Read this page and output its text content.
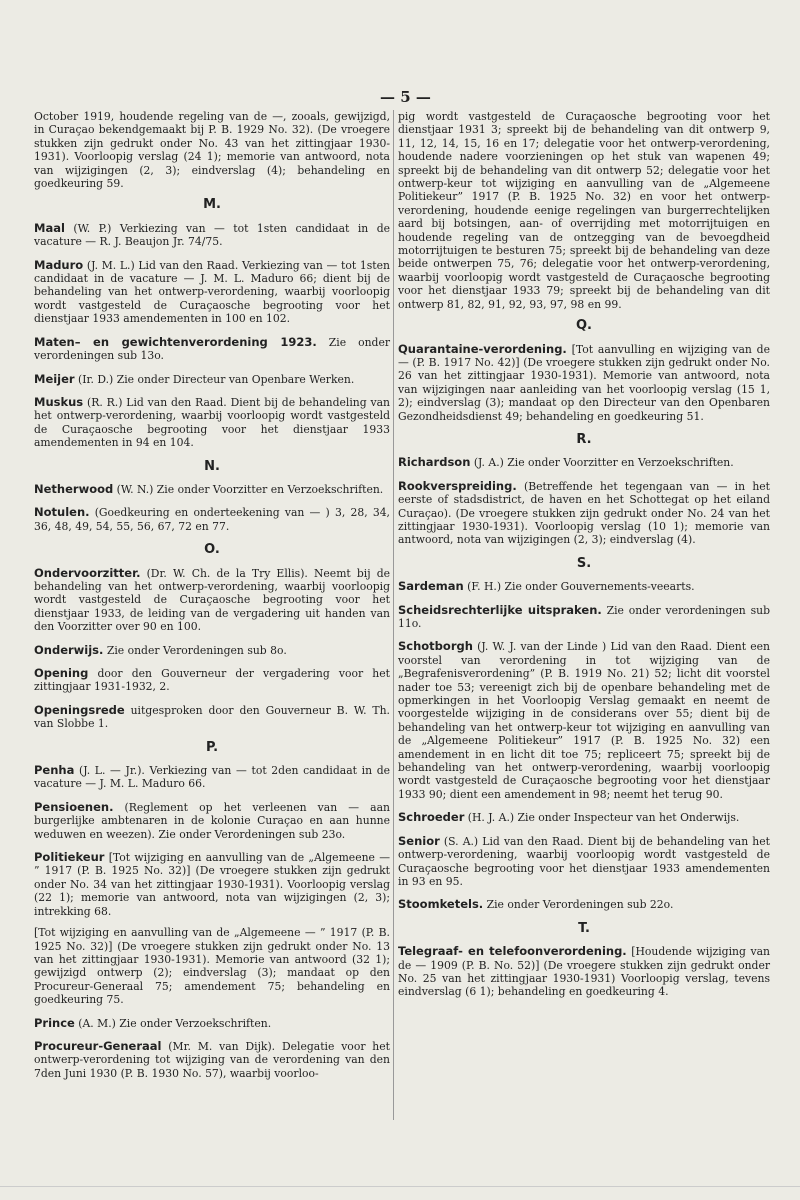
— 5 —

October 1919, houdende regeling van de —, zooals, gewijzigd, in Curaçao bekendgemaakt bij P. B. 1929 No. 32). (De vroegere stukken zijn gedrukt onder No. 43 van het zittingjaar 1930-1931). Voorloopig verslag (24 1); memorie van antwoord, nota van wijzigingen (2, 3); eindverslag (4); behandeling en goedkeuring 59.

M.

Maal (W. P.) Verkiezing van — tot 1sten candidaat in de vacature — R. J. Beaujon Jr. 74/75.

Maduro (J. M. L.) Lid van den Raad. Verkiezing van — tot 1sten candidaat in de vacature — J. M. L. Maduro 66; dient bij de behandeling van het ontwerp-verordening, waarbij voorloopig wordt vastgesteld de Curaçaosche begrooting voor het dienstjaar 1933 amendementen in 100 en 102.

Maten– en gewichtenverordening 1923. Zie onder verordeningen sub 13o.

Meijer (Ir. D.) Zie onder Directeur van Openbare Werken.

Muskus (R. R.) Lid van den Raad. Dient bij de behandeling van het ontwerp-verordening, waarbij voorloopig wordt vastgesteld de Curaçaosche begrooting voor het dienstjaar 1933 amendementen in 94 en 104.

N.

Netherwood (W. N.) Zie onder Voorzitter en Verzoekschriften.

Notulen. (Goedkeuring en onderteekening van — ) 3, 28, 34, 36, 48, 49, 54, 55, 56, 67, 72 en 77.

O.

Ondervoorzitter. (Dr. W. Ch. de la Try Ellis). Neemt bij de behandeling van het ontwerp-verordening, waarbij voorloopig wordt vastgesteld de Curaçaosche begrooting voor het dienstjaar 1933, de leiding van de vergadering uit handen van den Voorzitter over 90 en 100.

Onderwijs. Zie onder Verordeningen sub 8o.

Opening door den Gouverneur der vergadering voor het zittingjaar 1931-1932, 2.

Openingsrede uitgesproken door den Gouverneur B. W. Th. van Slobbe 1.

P.

Penha (J. L. — Jr.). Verkiezing van — tot 2den candidaat in de vacature — J. M. L. Maduro 66.

Pensioenen. (Reglement op het verleenen van — aan burgerlijke ambtenaren in de kolonie Curaçao en aan hunne weduwen en weezen). Zie onder Verordeningen sub 23o.

Politiekeur [Tot wijziging en aanvulling van de „Algemeene — ” 1917 (P. B. 1925 No. 32)] (De vroegere stukken zijn gedrukt onder No. 34 van het zittingjaar 1930-1931). Voorloopig verslag (22 1); memorie van antwoord, nota van wijzigingen (2, 3); intrekking 68.

[Tot wijziging en aanvulling van de „Algemeene — ” 1917 (P. B. 1925 No. 32)] (De vroegere stukken zijn gedrukt onder No. 13 van het zittingjaar 1930-1931). Memorie van antwoord (32 1); gewijzigd ontwerp (2); eindverslag (3); mandaat op den Procureur-Generaal 75; amendement 75; behandeling en goedkeuring 75.

Prince (A. M.) Zie onder Verzoekschriften.

Procureur-Generaal (Mr. M. van Dijk). Delegatie voor het ontwerp-verordening tot wijziging van de verordening van den 7den Juni 1930 (P. B. 1930 No. 57), waarbij voorloo-

pig wordt vastgesteld de Curaçaosche begrooting voor het dienstjaar 1931 3; spreekt bij de behandeling van dit ontwerp 9, 11, 12, 14, 15, 16 en 17; delegatie voor het ontwerp-verordening, houdende nadere voorzieningen op het stuk van wapenen 49; spreekt bij de behandeling van dit ontwerp 52; delegatie voor het ontwerp-keur tot wijziging en aanvulling van de „Algemeene Politiekeur” 1917 (P. B. 1925 No. 32) en voor het ontwerp-verordening, houdende eenige regelingen van burgerrechtelijken aard bij botsingen, aan- of overrijding met motorrijtuigen en houdende regeling van de ontzegging van de bevoegdheid motorrijtuigen te besturen 75; spreekt bij de behandeling van deze beide ontwerpen 75, 76; delegatie voor het ontwerp-verordening, waarbij voorloopig wordt vastgesteld de Curaçaosche begrooting voor het dienstjaar 1933 79; spreekt bij de behandeling van dit ontwerp 81, 82, 91, 92, 93, 97, 98 en 99.

Q.

Quarantaine-verordening. [Tot aanvulling en wijziging van de — (P. B. 1917 No. 42)] (De vroegere stukken zijn gedrukt onder No. 26 van het zittingjaar 1930-1931). Memorie van antwoord, nota van wijzigingen naar aanleiding van het voorloopig verslag (15 1, 2); eindverslag (3); mandaat op den Directeur van den Openbaren Gezondheidsdienst 49; behandeling en goedkeuring 51.

R.

Richardson (J. A.) Zie onder Voorzitter en Verzoekschriften.

Rookverspreiding. (Betreffende het tegengaan van — in het eerste of stadsdistrict, de haven en het Schottegat op het eiland Curaçao). (De vroegere stukken zijn gedrukt onder No. 24 van het zittingjaar 1930-1931). Voorloopig verslag (10 1); memorie van antwoord, nota van wijzigingen (2, 3); eindverslag (4).

S.

Sardeman (F. H.) Zie onder Gouvernements-veearts.

Scheidsrechterlijke uitspraken. Zie onder verordeningen sub 11o.

Schotborgh (J. W. J. van der Linde ) Lid van den Raad. Dient een voorstel van verordening in tot wijziging van de „Begrafenisverordening” (P. B. 1919 No. 21) 52; licht dit voorstel nader toe 53; vereenigt zich bij de openbare behandeling met de opmerkingen in het Voorloopig Verslag gemaakt en neemt de voorgestelde wijziging in de considerans over 55; dient bij de behandeling van het ontwerp-keur tot wijziging en aanvulling van de „Algemeene Politiekeur” 1917 (P. B. 1925 No. 32) een amendement in en licht dit toe 75; repliceert 75; spreekt bij de behandeling van het ontwerp-verordening, waarbij voorloopig wordt vastgesteld de Curaçaosche begrooting voor het dienstjaar 1933 90; dient een amendement in 98; neemt het terug 90.

Schroeder (H. J. A.) Zie onder Inspecteur van het Onderwijs.

Senior (S. A.) Lid van den Raad. Dient bij de behandeling van het ontwerp-verordening, waarbij voorloopig wordt vastgesteld de Curaçaosche begrooting voor het dienstjaar 1933 amendementen in 93 en 95.

Stoomketels. Zie onder Verordeningen sub 22o.

T.

Telegraaf- en telefoonverordening. [Houdende wijziging van de — 1909 (P. B. No. 52)] (De vroegere stukken zijn gedrukt onder No. 25 van het zittingjaar 1930-1931) Voorloopig verslag, tevens eindverslag (6 1); behandeling en goedkeuring 4.
